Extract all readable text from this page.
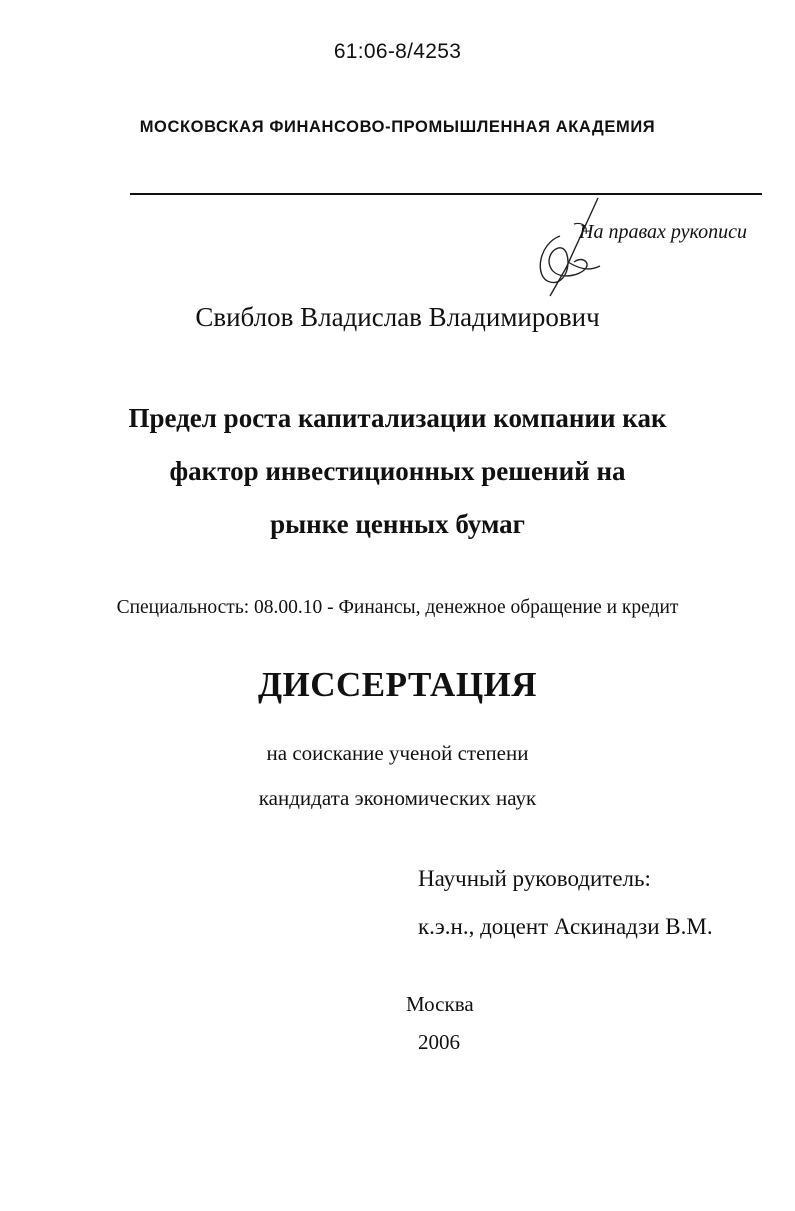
61:06-8/4253
МОСКОВСКАЯ ФИНАНСОВО-ПРОМЫШЛЕННАЯ АКАДЕМИЯ
На правах рукописи
Свиблов Владислав Владимирович
Предел роста капитализации компании как
фактор инвестиционных решений на
рынке ценных бумаг
Специальность: 08.00.10 - Финансы, денежное обращение и кредит
ДИССЕРТАЦИЯ
на соискание ученой степени
кандидата экономических наук
Научный руководитель:
к.э.н., доцент Аскинадзи В.М.
Москва
2006
